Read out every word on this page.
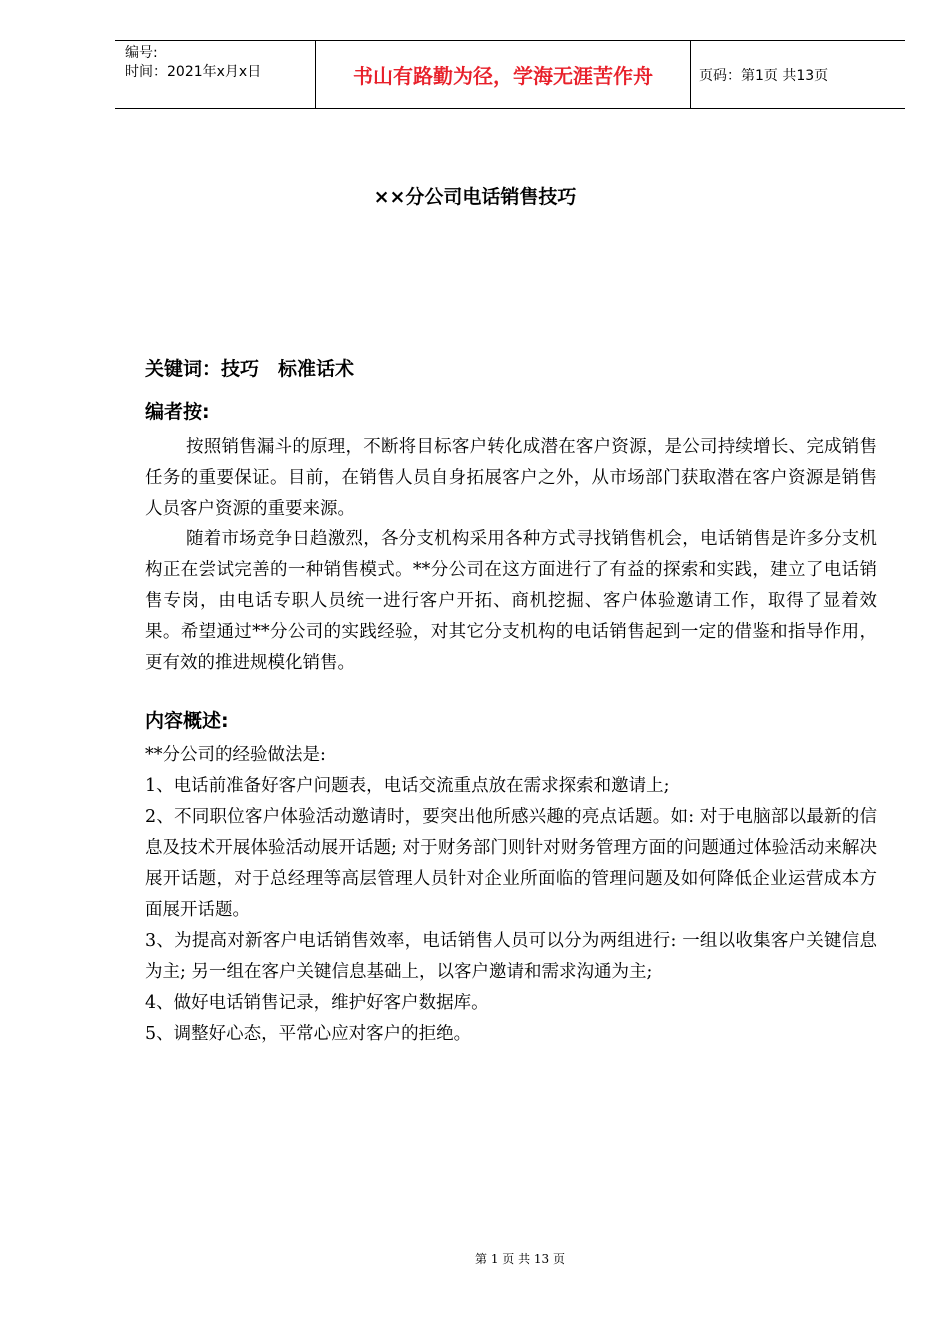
编号:
时间：2021年x月x日	书山有路勤为径，学海无涯苦作舟	页码：第1页 共13页
××分公司电话销售技巧
关键词：技巧　标准话术
编者按:
按照销售漏斗的原理，不断将目标客户转化成潜在客户资源，是公司持续增长、完成销售任务的重要保证。目前，在销售人员自身拓展客户之外，从市场部门获取潜在客户资源是销售人员客户资源的重要来源。
随着市场竞争日趋激烈，各分支机构采用各种方式寻找销售机会，电话销售是许多分支机构正在尝试完善的一种销售模式。**分公司在这方面进行了有益的探索和实践，建立了电话销售专岗，由电话专职人员统一进行客户开拓、商机挖掘、客户体验邀请工作，取得了显着效果。希望通过**分公司的实践经验，对其它分支机构的电话销售起到一定的借鉴和指导作用，更有效的推进规模化销售。
内容概述:
**分公司的经验做法是:
1、电话前准备好客户问题表，电话交流重点放在需求探索和邀请上;
2、不同职位客户体验活动邀请时，要突出他所感兴趣的亮点话题。如: 对于电脑部以最新的信息及技术开展体验活动展开话题; 对于财务部门则针对财务管理方面的问题通过体验活动来解决展开话题，对于总经理等高层管理人员针对企业所面临的管理问题及如何降低企业运营成本方面展开话题。
3、为提高对新客户电话销售效率，电话销售人员可以分为两组进行: 一组以收集客户关键信息为主; 另一组在客户关键信息基础上，以客户邀请和需求沟通为主;
4、做好电话销售记录，维护好客户数据库。
5、调整好心态，平常心应对客户的拒绝。
第 1 页 共 13 页
